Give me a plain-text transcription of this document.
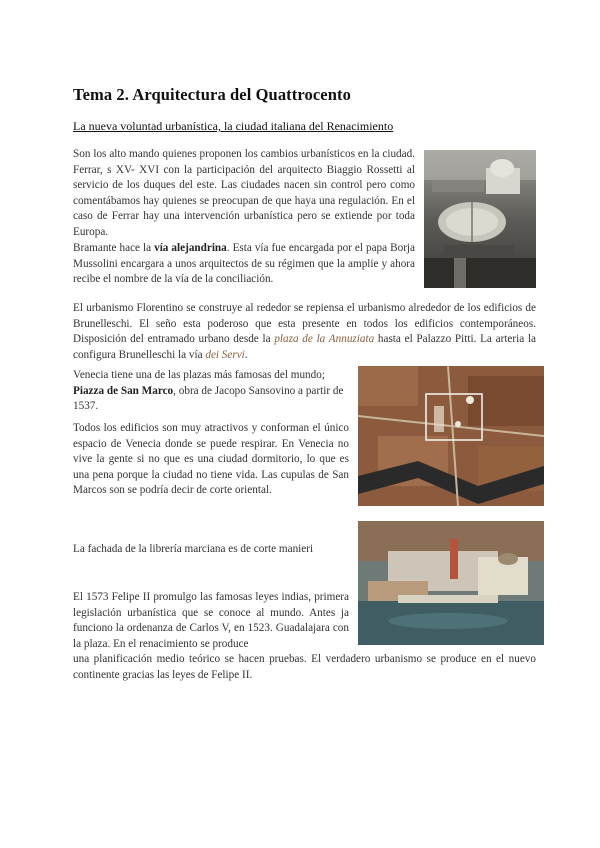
Tema 2. Arquitectura del Quattrocento

La nueva voluntad urbanística, la ciudad italiana del Renacimiento

Son los alto mando quienes proponen los cambios urbanísticos en la ciudad. Ferrar, s XV- XVI con la participación del arquitecto Biaggio Rossetti al servicio de los duques del este. Las ciudades nacen sin control pero como comentábamos hay quienes se preocupan de que haya una regulación. En el caso de Ferrar hay una intervención urbanística pero se extiende por toda Europa.

Bramante hace la vía alejandrina. Esta vía fue encargada por el papa Borja Mussolini encargara a unos arquitectos de su régimen que la amplie y ahora recibe el nombre de la vía de la conciliación.

El urbanismo Florentino se construye al rededor se repiensa el urbanismo alrededor de los edificios de Brunelleschi. El seño esta poderoso que esta presente en todos los edificios contemporáneos. Disposición del entramado urbano desde la plaza de la Annuziata hasta el Palazzo Pitti. La arteria la configura Brunelleschi la vía dei Servi.

Venecia tiene una de las plazas más famosas del mundo; Piazza de San Marco, obra de Jacopo Sansovino a partir de 1537.

Todos los edificios son muy atractivos y conforman el único espacio de Venecia donde se puede respirar. En Venecia no vive la gente si no que es una ciudad dormitorio, lo que es una pena porque la ciudad no tiene vida. Las cupulas de San Marcos son se podría decir de corte oriental.

La fachada de la librería marciana es de corte manieri

El 1573 Felipe II promulgo las famosas leyes indias, primera legislación urbanística que se conoce al mundo. Antes ja funciono la ordenanza de Carlos V, en 1523. Guadalajara con la plaza. En el renacimiento se produce

una planificación medio teórico se hacen pruebas. El verdadero urbanismo se produce en el nuevo continente gracias las leyes de Felipe II.
